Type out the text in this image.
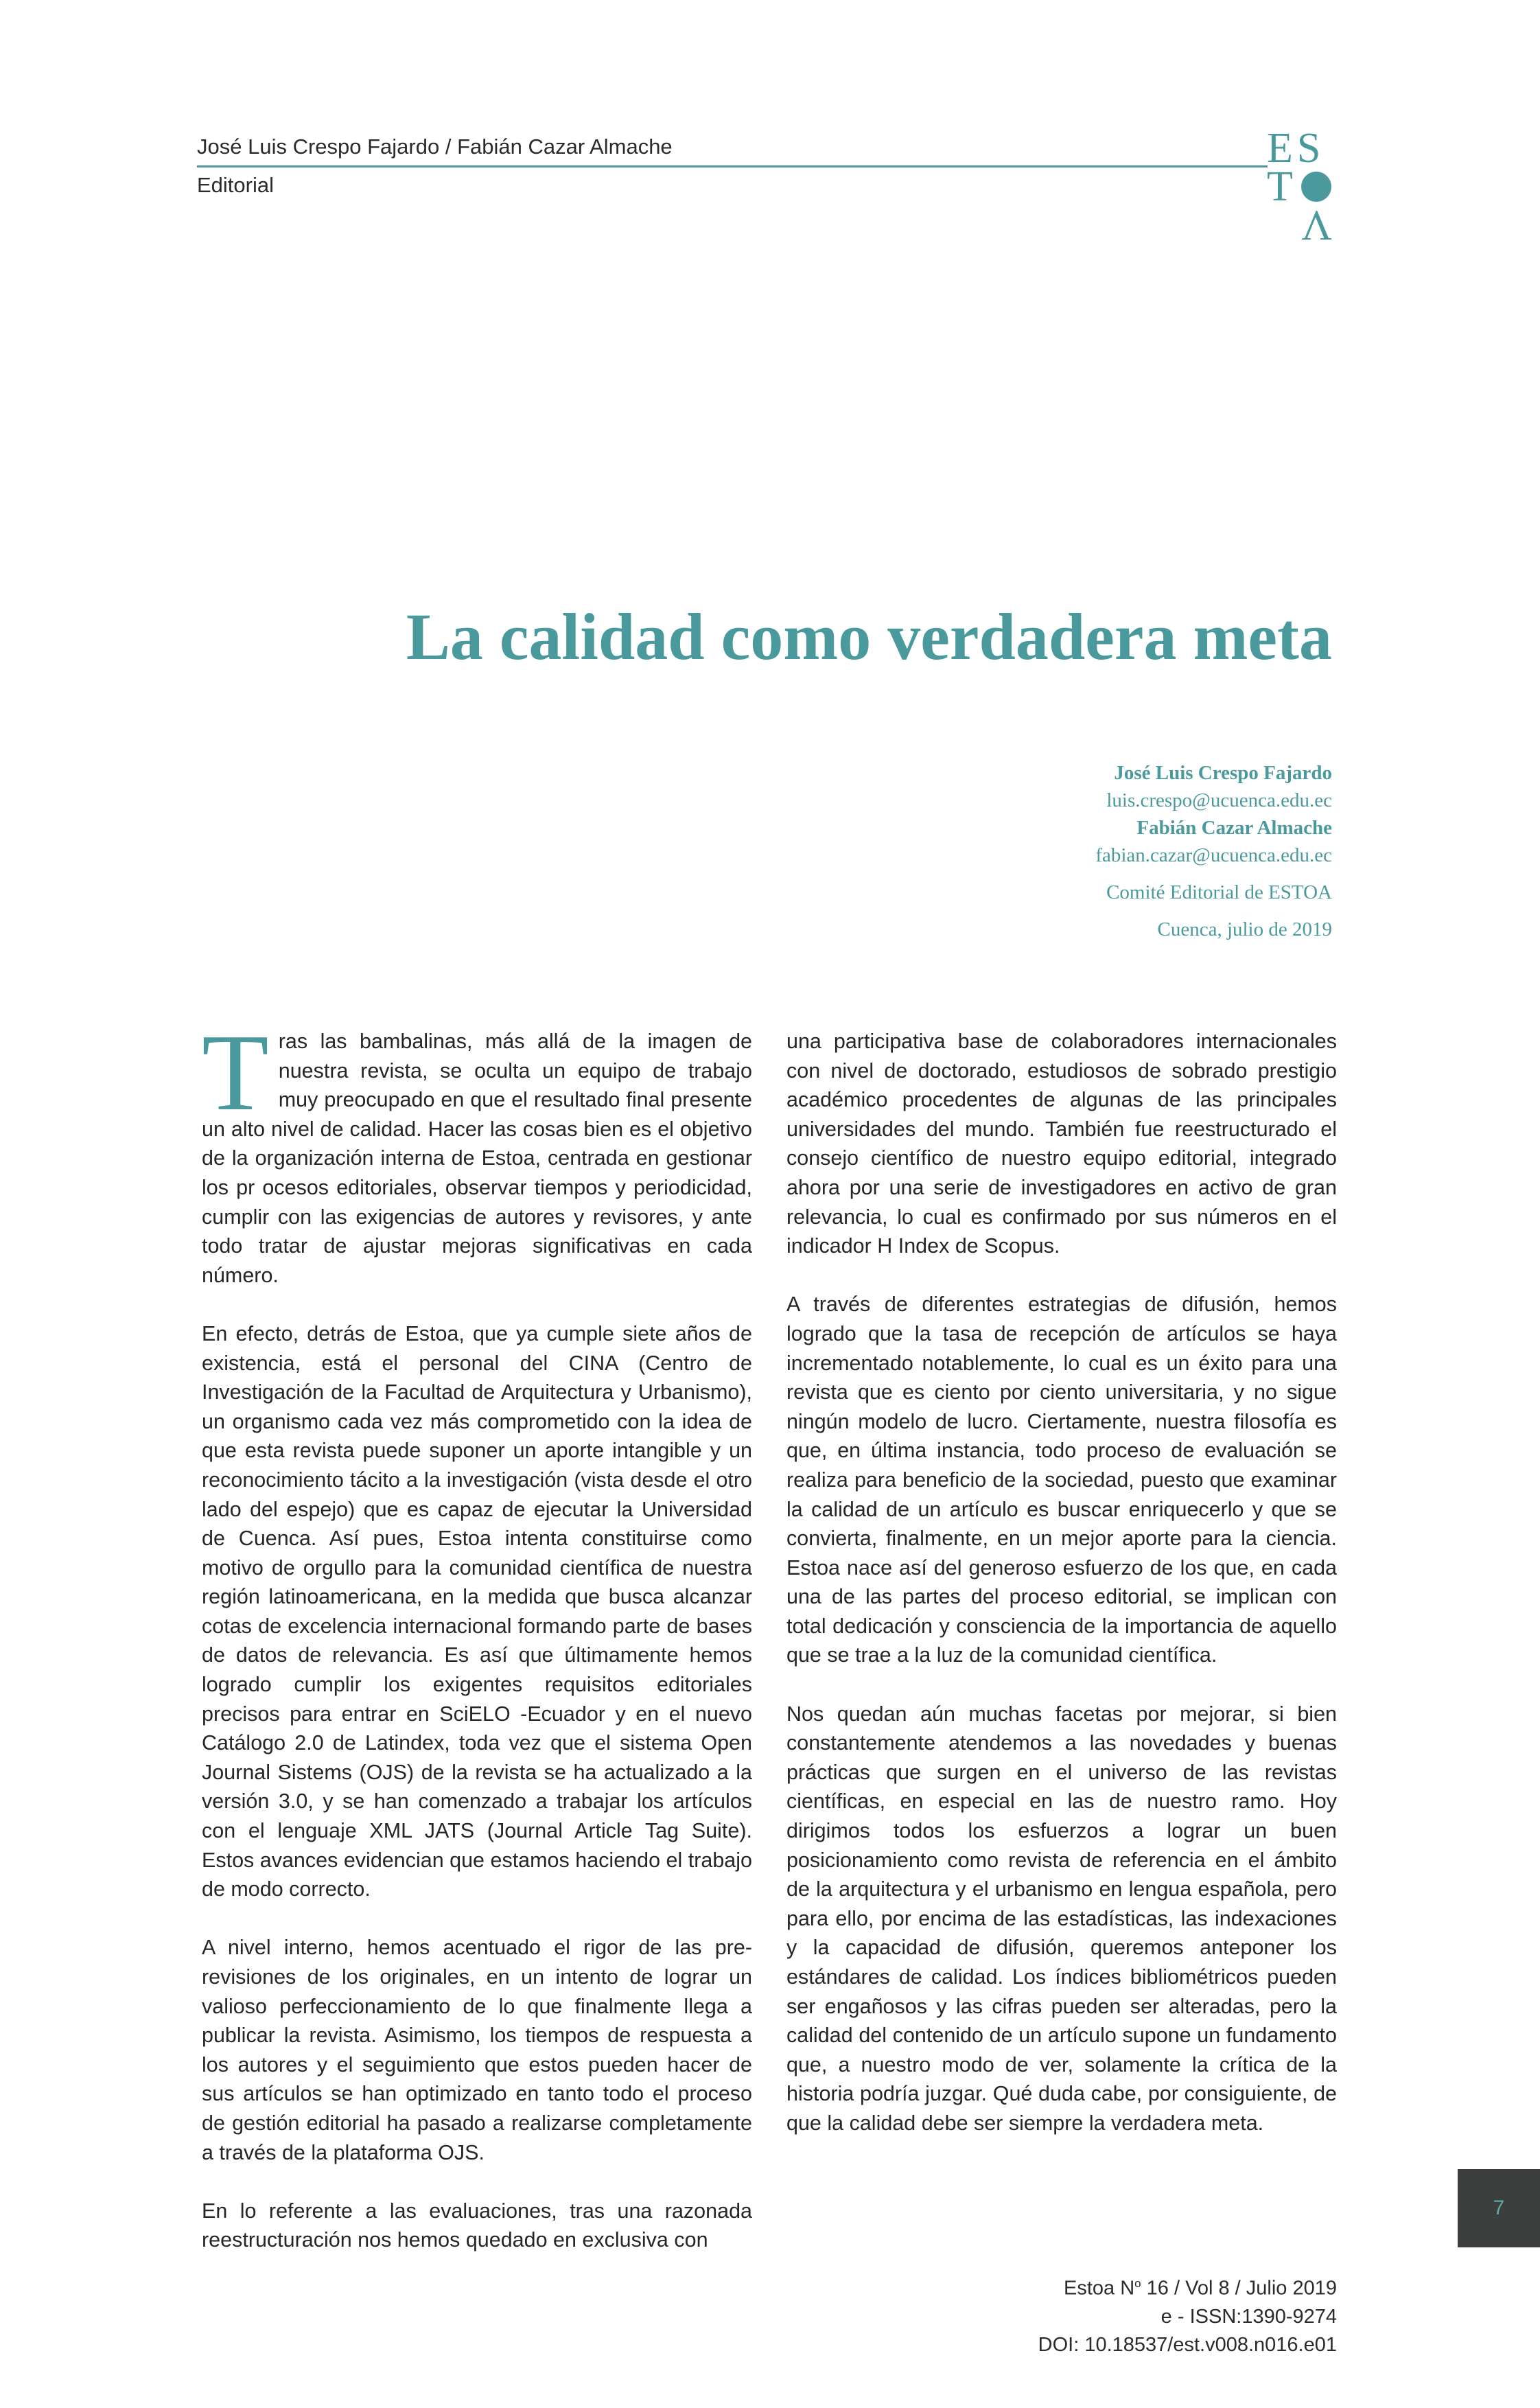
José Luis Crespo Fajardo / Fabián Cazar Almache
Editorial
ES
T
V
La calidad como verdadera meta
José Luis Crespo Fajardo
luis.crespo@ucuenca.edu.ec
Fabián Cazar Almache
fabian.cazar@ucuenca.edu.ec
Comité Editorial de ESTOA
Cuenca, julio de 2019

Tras las bambalinas, más allá de la imagen de nuestra revista, se oculta un equipo de trabajo muy preocupado en que el resultado final presente un alto nivel de calidad. Hacer las cosas bien es el objetivo de la organización interna de Estoa, centrada en gestionar los pr ocesos editoriales, observar tiempos y periodicidad, cumplir con las exigencias de autores y revisores, y ante todo tratar de ajustar mejoras significativas en cada número.

En efecto, detrás de Estoa, que ya cumple siete años de existencia, está el personal del CINA (Centro de Investigación de la Facultad de Arquitectura y Urbanismo), un organismo cada vez más comprometido con la idea de que esta revista puede suponer un aporte intangible y un reconocimiento tácito a la investigación (vista desde el otro lado del espejo) que es capaz de ejecutar la Universidad de Cuenca. Así pues, Estoa intenta constituirse como motivo de orgullo para la comunidad científica de nuestra región latinoamericana, en la medida que busca alcanzar cotas de excelencia internacional formando parte de bases de datos de relevancia. Es así que últimamente hemos logrado cumplir los exigentes requisitos editoriales precisos para entrar en SciELO -Ecuador y en el nuevo Catálogo 2.0 de Latindex, toda vez que el sistema Open Journal Sistems (OJS) de la revista se ha actualizado a la versión 3.0, y se han comenzado a trabajar los artículos con el lenguaje XML JATS (Journal Article Tag Suite). Estos avances evidencian que estamos haciendo el trabajo de modo correcto.

A nivel interno, hemos acentuado el rigor de las pre-revisiones de los originales, en un intento de lograr un valioso perfeccionamiento de lo que finalmente llega a publicar la revista. Asimismo, los tiempos de respuesta a los autores y el seguimiento que estos pueden hacer de sus artículos se han optimizado en tanto todo el proceso de gestión editorial ha pasado a realizarse completamente a través de la plataforma OJS.

En lo referente a las evaluaciones, tras una razonada reestructuración nos hemos quedado en exclusiva con

una participativa base de colaboradores internacionales con nivel de doctorado, estudiosos de sobrado prestigio académico procedentes de algunas de las principales universidades del mundo. También fue reestructurado el consejo científico de nuestro equipo editorial, integrado ahora por una serie de investigadores en activo de gran relevancia, lo cual es confirmado por sus números en el indicador H Index de Scopus.

A través de diferentes estrategias de difusión, hemos logrado que la tasa de recepción de artículos se haya incrementado notablemente, lo cual es un éxito para una revista que es ciento por ciento universitaria, y no sigue ningún modelo de lucro. Ciertamente, nuestra filosofía es que, en última instancia, todo proceso de evaluación se realiza para beneficio de la sociedad, puesto que examinar la calidad de un artículo es buscar enriquecerlo y que se convierta, finalmente, en un mejor aporte para la ciencia. Estoa nace así del generoso esfuerzo de los que, en cada una de las partes del proceso editorial, se implican con total dedicación y consciencia de la importancia de aquello que se trae a la luz de la comunidad científica.

Nos quedan aún muchas facetas por mejorar, si bien constantemente atendemos a las novedades y buenas prácticas que surgen en el universo de las revistas científicas, en especial en las de nuestro ramo. Hoy dirigimos todos los esfuerzos a lograr un buen posicionamiento como revista de referencia en el ámbito de la arquitectura y el urbanismo en lengua española, pero para ello, por encima de las estadísticas, las indexaciones y la capacidad de difusión, queremos anteponer los estándares de calidad. Los índices bibliométricos pueden ser engañosos y las cifras pueden ser alteradas, pero la calidad del contenido de un artículo supone un fundamento que, a nuestro modo de ver, solamente la crítica de la historia podría juzgar. Qué duda cabe, por consiguiente, de que la calidad debe ser siempre la verdadera meta.

7
Estoa $N^o$ 16 / Vol 8 / Julio 2019
e - ISSN:1390-9274
DOI: 10.18537/est.v008.n016.e01
